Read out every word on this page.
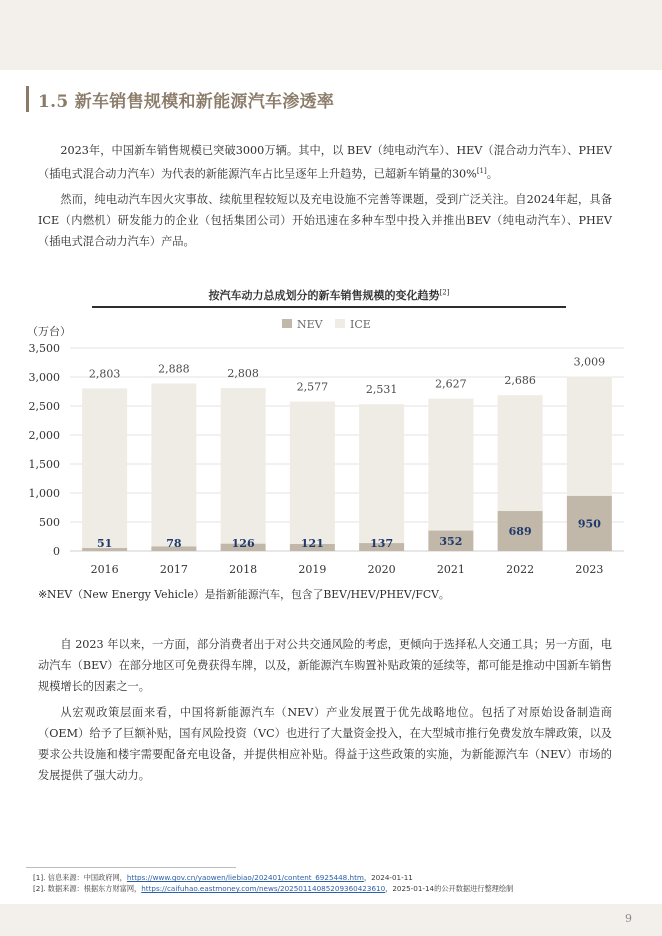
1.5 新车销售规模和新能源汽车渗透率

2023年，中国新车销售规模已突破3000万辆。其中，以 BEV（纯电动汽车）、HEV（混合动力汽车）、PHEV（插电式混合动力汽车）为代表的新能源汽车占比呈逐年上升趋势，已超新车销量的30%[1]。

然而，纯电动汽车因火灾事故、续航里程较短以及充电设施不完善等课题，受到广泛关注。自2024年起，具备ICE（内燃机）研发能力的企业（包括集团公司）开始迅速在多种车型中投入并推出BEV（纯电动汽车）、PHEV（插电式混合动力汽车）产品。

按汽车动力总成划分的新车销售规模的变化趋势[2]
NEV ICE
（万台）
0
500
1,000
1,500
2,000
2,500
3,000
3,500
2,803
51
2016
2,888
78
2017
2,808
126
2018
2,577
121
2019
2,531
137
2020
2,627
352
2021
2,686
689
2022
3,009
950
2023
※NEV（New Energy Vehicle）是指新能源汽车，包含了BEV/HEV/PHEV/FCV。

自 2023 年以来，一方面，部分消费者出于对公共交通风险的考虑，更倾向于选择私人交通工具；另一方面，电动汽车（BEV）在部分地区可免费获得车牌，以及，新能源汽车购置补贴政策的延续等，都可能是推动中国新车销售规模增长的因素之一。

从宏观政策层面来看，中国将新能源汽车（NEV）产业发展置于优先战略地位。包括了对原始设备制造商（OEM）给予了巨额补贴，国有风险投资（VC）也进行了大量资金投入，在大型城市推行免费发放车牌政策，以及要求公共设施和楼宇需要配备充电设备，并提供相应补贴。得益于这些政策的实施，为新能源汽车（NEV）市场的发展提供了强大动力。

[1]. 信息来源：中国政府网，https://www.gov.cn/yaowen/liebiao/202401/content_6925448.htm，2024-01-11
[2]. 数据来源：根据东方财富网，https://caifuhao.eastmoney.com/news/20250114085209360423610，2025-01-14的公开数据进行整理绘制
9
